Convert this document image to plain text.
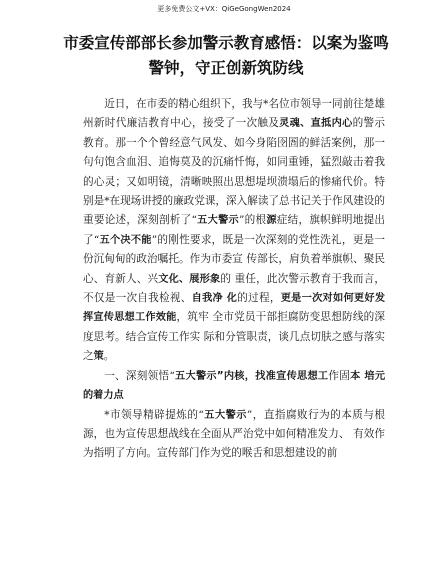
更多免费公文+VX：QiGeGongWen2024
市委宣传部部长参加警示教育感悟：以案为鉴鸣警钟，守正创新筑防线

近日，在市委的精心组织下，我与*名位市领导一同前往楚雄州新时代廉洁教育中心，接受了一次触及灵魂、直抵内心的警示教育。那一个个曾经意气风发、如今身陷囹圄的鲜活案例，那一句句饱含血泪、追悔莫及的沉痛忏悔，如同重锤，猛烈敲击着我的心灵；又如明镜，清晰映照出思想堤坝溃塌后的惨痛代价。特别是*在现场讲授的廉政党课，深入解读了总书记关于作风建设的重要论述，深刻剖析了“五大警示”的根源症结，旗帜鲜明地提出了“五个决不能”的刚性要求，既是一次深刻的党性洗礼，更是一份沉甸甸的政治嘱托。作为市委宣 传部长，肩负着举旗帜、聚民心、育新人、兴文化、展形象的 重任，此次警示教育于我而言，不仅是一次自我检视、自我净 化的过程，更是一次对如何更好发挥宣传思想工作效能，筑牢 全市党员干部拒腐防变思想防线的深度思考。结合宣传工作实 际和分管职责，谈几点切肤之感与落实之策。

一、深刻领悟“五大警示”内核，找准宣传思想工作固本 培元的着力点

*市领导精辟提炼的“五大警示”，直指腐败行为的本质与根源，也为宣传思想战线在全面从严治党中如何精准发力、 有效作为指明了方向。宣传部门作为党的喉舌和思想建设的前
